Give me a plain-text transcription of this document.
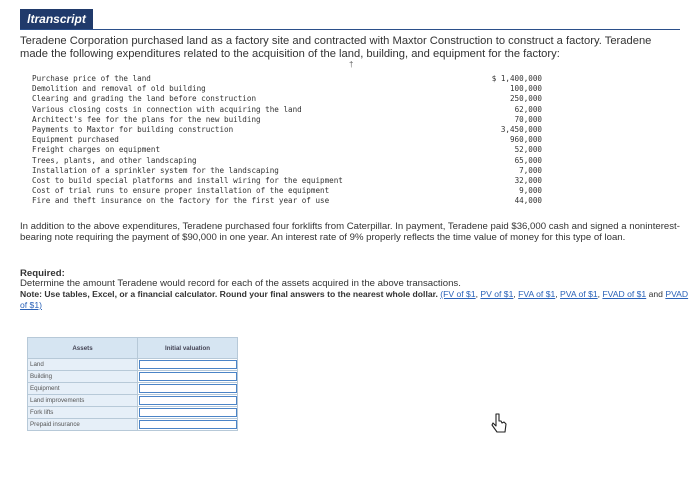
ltranscript
Teradene Corporation purchased land as a factory site and contracted with Maxtor Construction to construct a factory. Teradene made the following expenditures related to the acquisition of the land, building, and equipment for the factory:
†
Purchase price of the land	$ 1,400,000
Demolition and removal of old building	100,000
Clearing and grading the land before construction	250,000
Various closing costs in connection with acquiring the land	62,000
Architect's fee for the plans for the new building	70,000
Payments to Maxtor for building construction	3,450,000
Equipment purchased	960,000
Freight charges on equipment	52,000
Trees, plants, and other landscaping	65,000
Installation of a sprinkler system for the landscaping	7,000
Cost to build special platforms and install wiring for the equipment	32,000
Cost of trial runs to ensure proper installation of the equipment	9,000
Fire and theft insurance on the factory for the first year of use	44,000
In addition to the above expenditures, Teradene purchased four forklifts from Caterpillar. In payment, Teradene paid $36,000 cash and signed a noninterest-bearing note requiring the payment of $90,000 in one year. An interest rate of 9% properly reflects the time value of money for this type of loan.
Required:
Determine the amount Teradene would record for each of the assets acquired in the above transactions.
Note: Use tables, Excel, or a financial calculator. Round your final answers to the nearest whole dollar. (FV of $1, PV of $1, FVA of $1, PVA of $1, FVAD of $1 and PVAD of $1)
Assets	Initial valuation
Land	

Building	

Equipment	

Land improvements	

Fork lifts	

Prepaid insurance	
